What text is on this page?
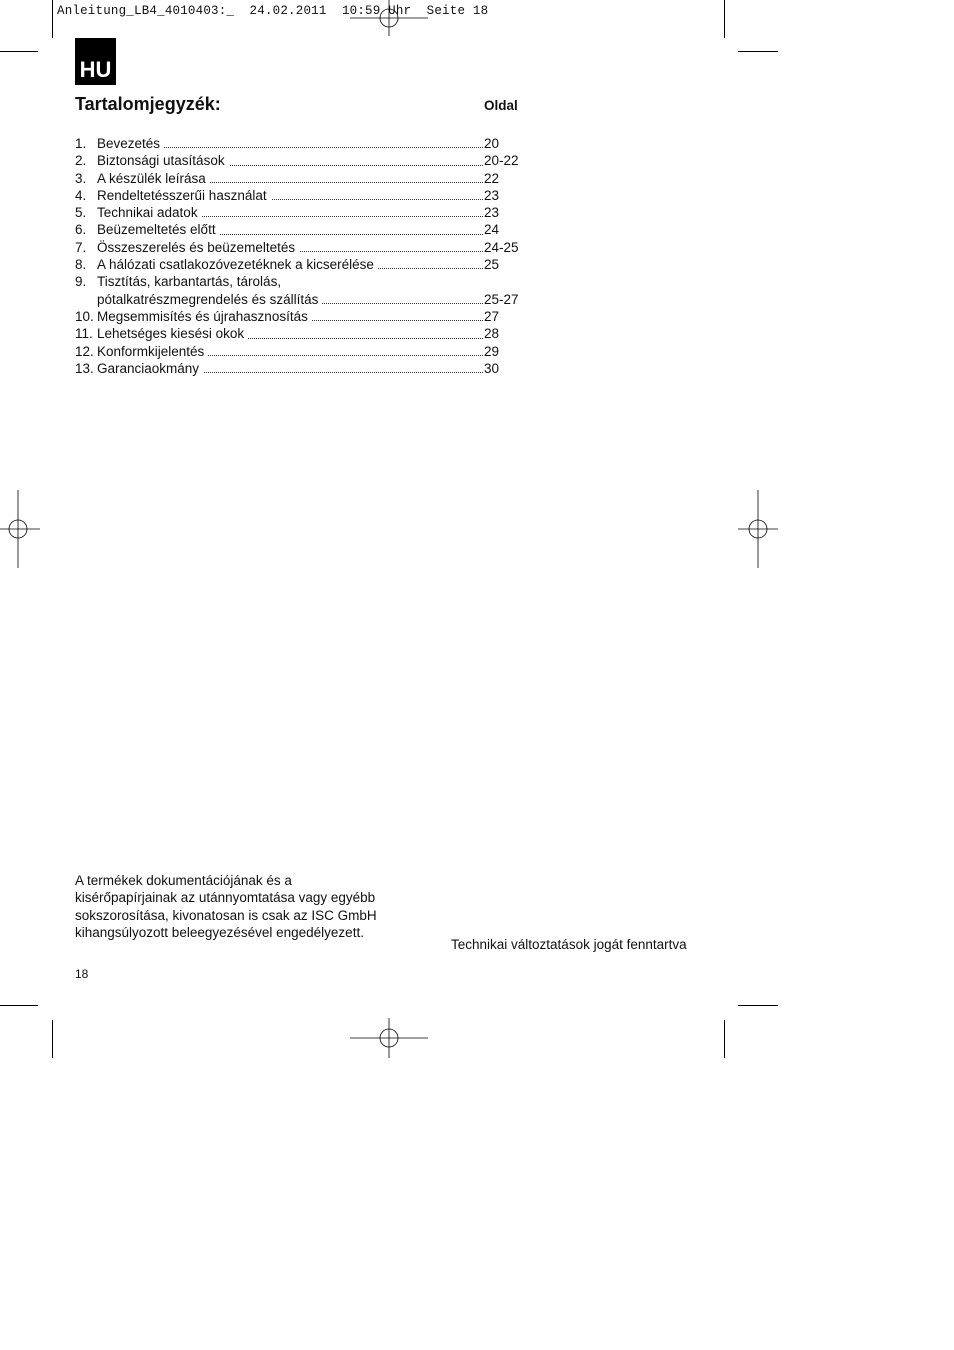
Anleitung_LB4_4010403:_  24.02.2011  10:59 Uhr  Seite 18
HU
Tartalomjegyzék:	Oldal
1. Bevezetés	20
2. Biztonsági utasítások	20-22
3. A készülék leírása	22
4. Rendeltetésszerűi használat	23
5. Technikai adatok	23
6. Beüzemeltetés előtt	24
7. Összeszerelés és beüzemeltetés	24-25
8. A hálózati csatlakozóvezetéknek a kicserélése	25
9. Tisztítás, karbantartás, tárolás,
pótalkatrészmegrendelés és szállítás	25-27
10. Megsemmisítés és újrahasznosítás	27
11. Lehetséges kiesési okok	28
12. Konformkijelentés	29
13. Garanciaokmány	30
A termékek dokumentációjának és a kisérőpapírjainak az utánnyomtatása vagy egyébb sokszorosítása, kivonatosan is csak az ISC GmbH kihangsúlyozott beleegyezésével engedélyezett.
Technikai változtatások jogát fenntartva
18
